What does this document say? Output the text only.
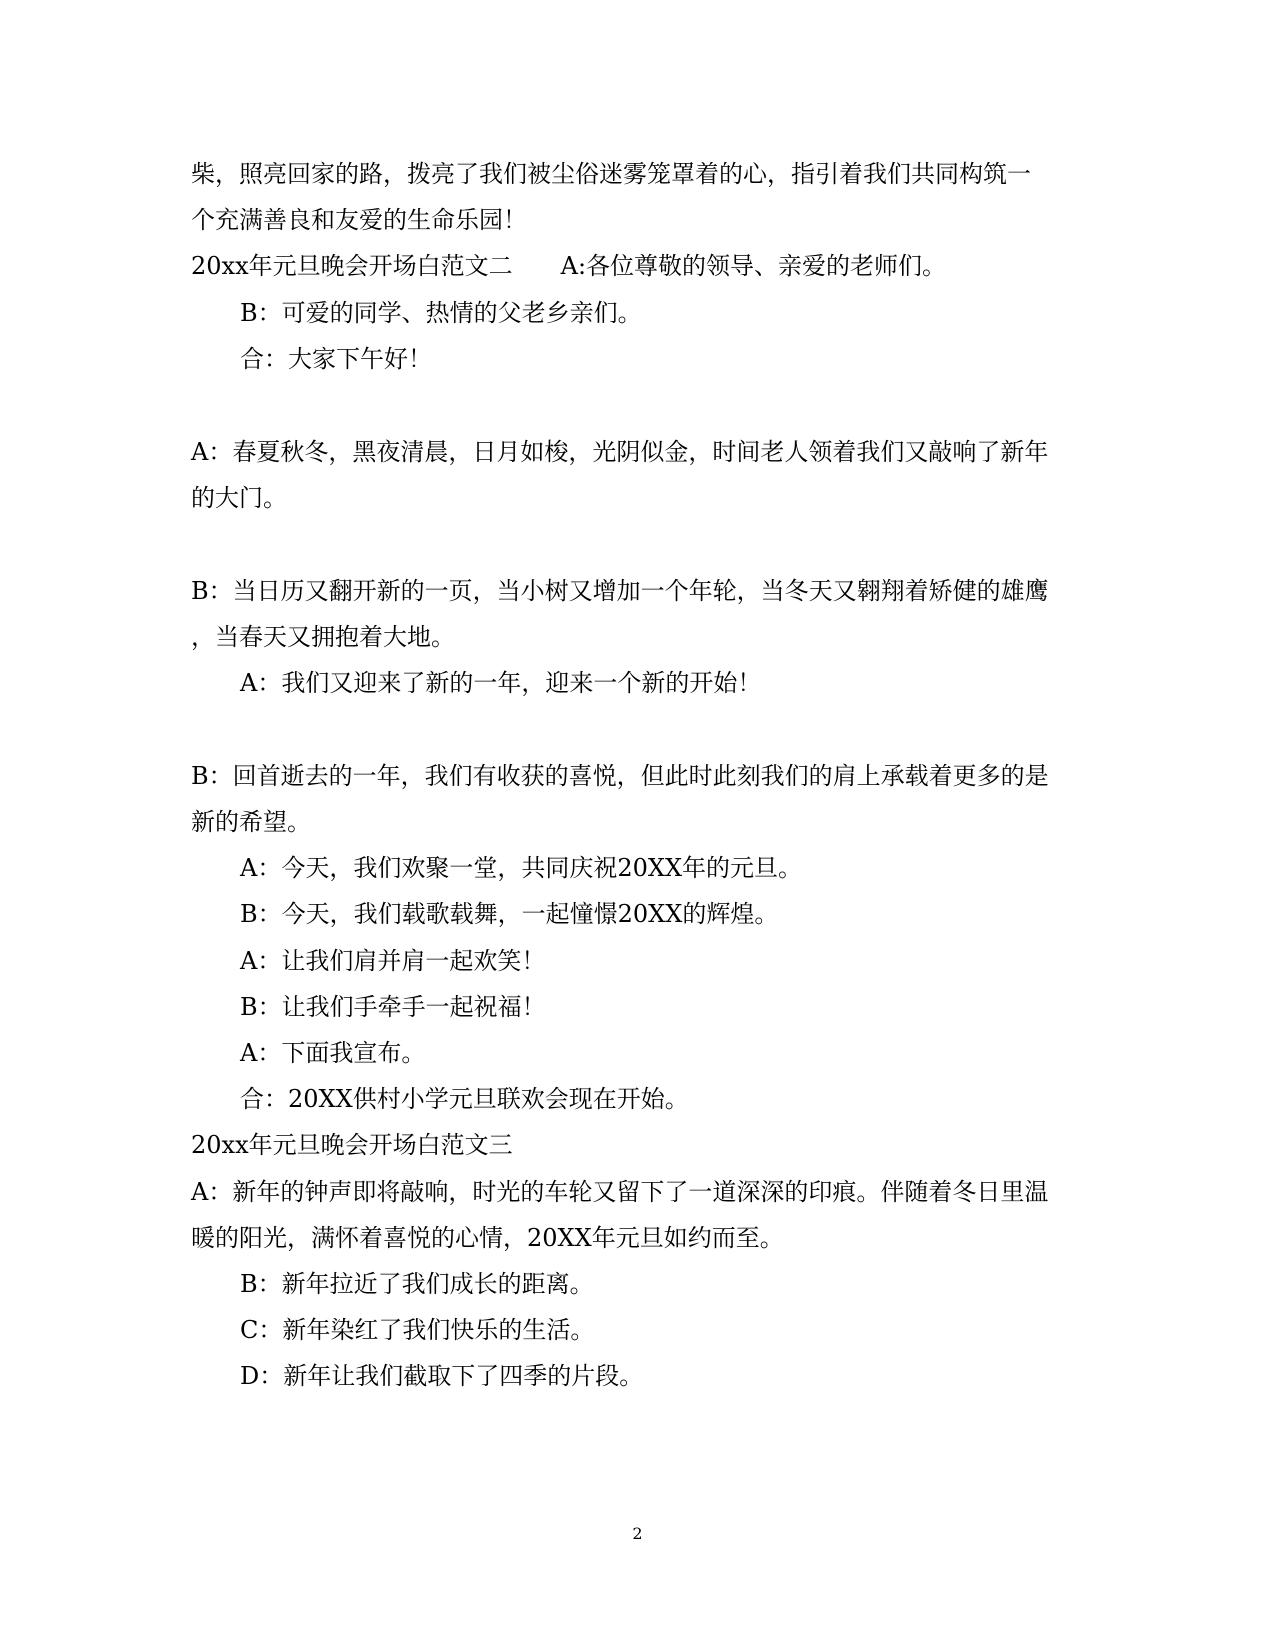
柴，照亮回家的路，拨亮了我们被尘俗迷雾笼罩着的心，指引着我们共同构筑一
个充满善良和友爱的生命乐园！
20xx年元旦晚会开场白范文二　　A:各位尊敬的领导、亲爱的老师们。
B：可爱的同学、热情的父老乡亲们。
合：大家下午好！
A：春夏秋冬，黑夜清晨，日月如梭，光阴似金，时间老人领着我们又敲响了新年
的大门。
B：当日历又翻开新的一页，当小树又增加一个年轮，当冬天又翱翔着矫健的雄鹰
，当春天又拥抱着大地。
A：我们又迎来了新的一年，迎来一个新的开始！
B：回首逝去的一年，我们有收获的喜悦，但此时此刻我们的肩上承载着更多的是
新的希望。
A：今天，我们欢聚一堂，共同庆祝20XX年的元旦。
B：今天，我们载歌载舞，一起憧憬20XX的辉煌。
A：让我们肩并肩一起欢笑！
B：让我们手牵手一起祝福！
A：下面我宣布。
合：20XX供村小学元旦联欢会现在开始。
20xx年元旦晚会开场白范文三
A：新年的钟声即将敲响，时光的车轮又留下了一道深深的印痕。伴随着冬日里温
暖的阳光，满怀着喜悦的心情，20XX年元旦如约而至。
B：新年拉近了我们成长的距离。
C：新年染红了我们快乐的生活。
D：新年让我们截取下了四季的片段。
2
